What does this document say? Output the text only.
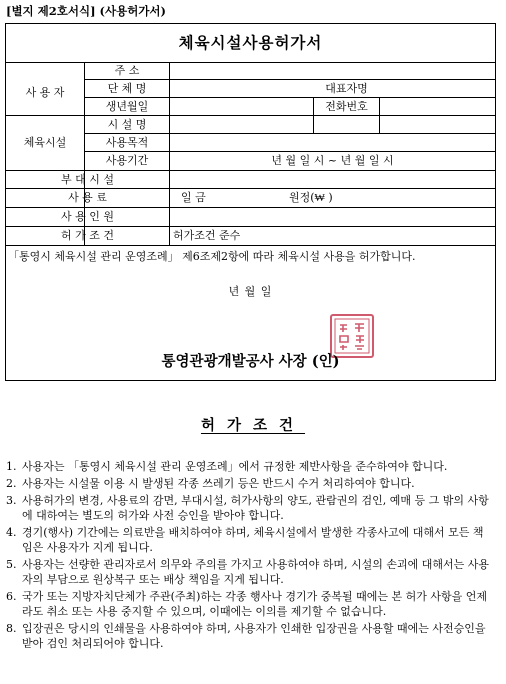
[별지 제2호서식] (사용허가서)
체육시설사용허가서
사 용 자
체육시설
주 소
단 체 명
생년월일
대표자명
전화번호
시 설 명
사용목적
사용기간
부 대 시 설
사 용 료
사 용 인 원
허 가 조 건
년 월 일 시 ~ 년 월 일 시
일 금	원정(₩ )
허가조건 준수
「통영시 체육시설 관리 운영조례」 제6조제2항에 따라 체육시설 사용을 허가합니다.
년 월 일
통영관광개발공사 사장 (인)
허가조건
1. 사용자는 「통영시 체육시설 관리 운영조례」에서 규정한 제반사항을 준수하여야 합니다.
2. 사용자는 시설물 이용 시 발생된 각종 쓰레기 등은 반드시 수거 처리하여야 합니다.
3. 사용허가의 변경, 사용료의 감면, 부대시설, 허가사항의 양도, 관람권의 검인, 예매 등 그 밖의 사항에 대하여는 별도의 허가와 사전 승인을 받아야 합니다.
4. 경기(행사) 기간에는 의료반을 배치하여야 하며, 체육시설에서 발생한 각종사고에 대해서 모든 책임은 사용자가 지게 됩니다.
5. 사용자는 선량한 관리자로서 의무와 주의를 가지고 사용하여야 하며, 시설의 손괴에 대해서는 사용자의 부담으로 원상복구 또는 배상 책임을 지게 됩니다.
6. 국가 또는 지방자치단체가 주관(주최)하는 각종 행사나 경기가 중복될 때에는 본 허가 사항을 언제라도 취소 또는 사용 중지할 수 있으며, 이때에는 이의를 제기할 수 없습니다.
8. 입장권은 당시의 인쇄물을 사용하여야 하며, 사용자가 인쇄한 입장권을 사용할 때에는 사전승인을 받아 검인 처리되어야 합니다.
